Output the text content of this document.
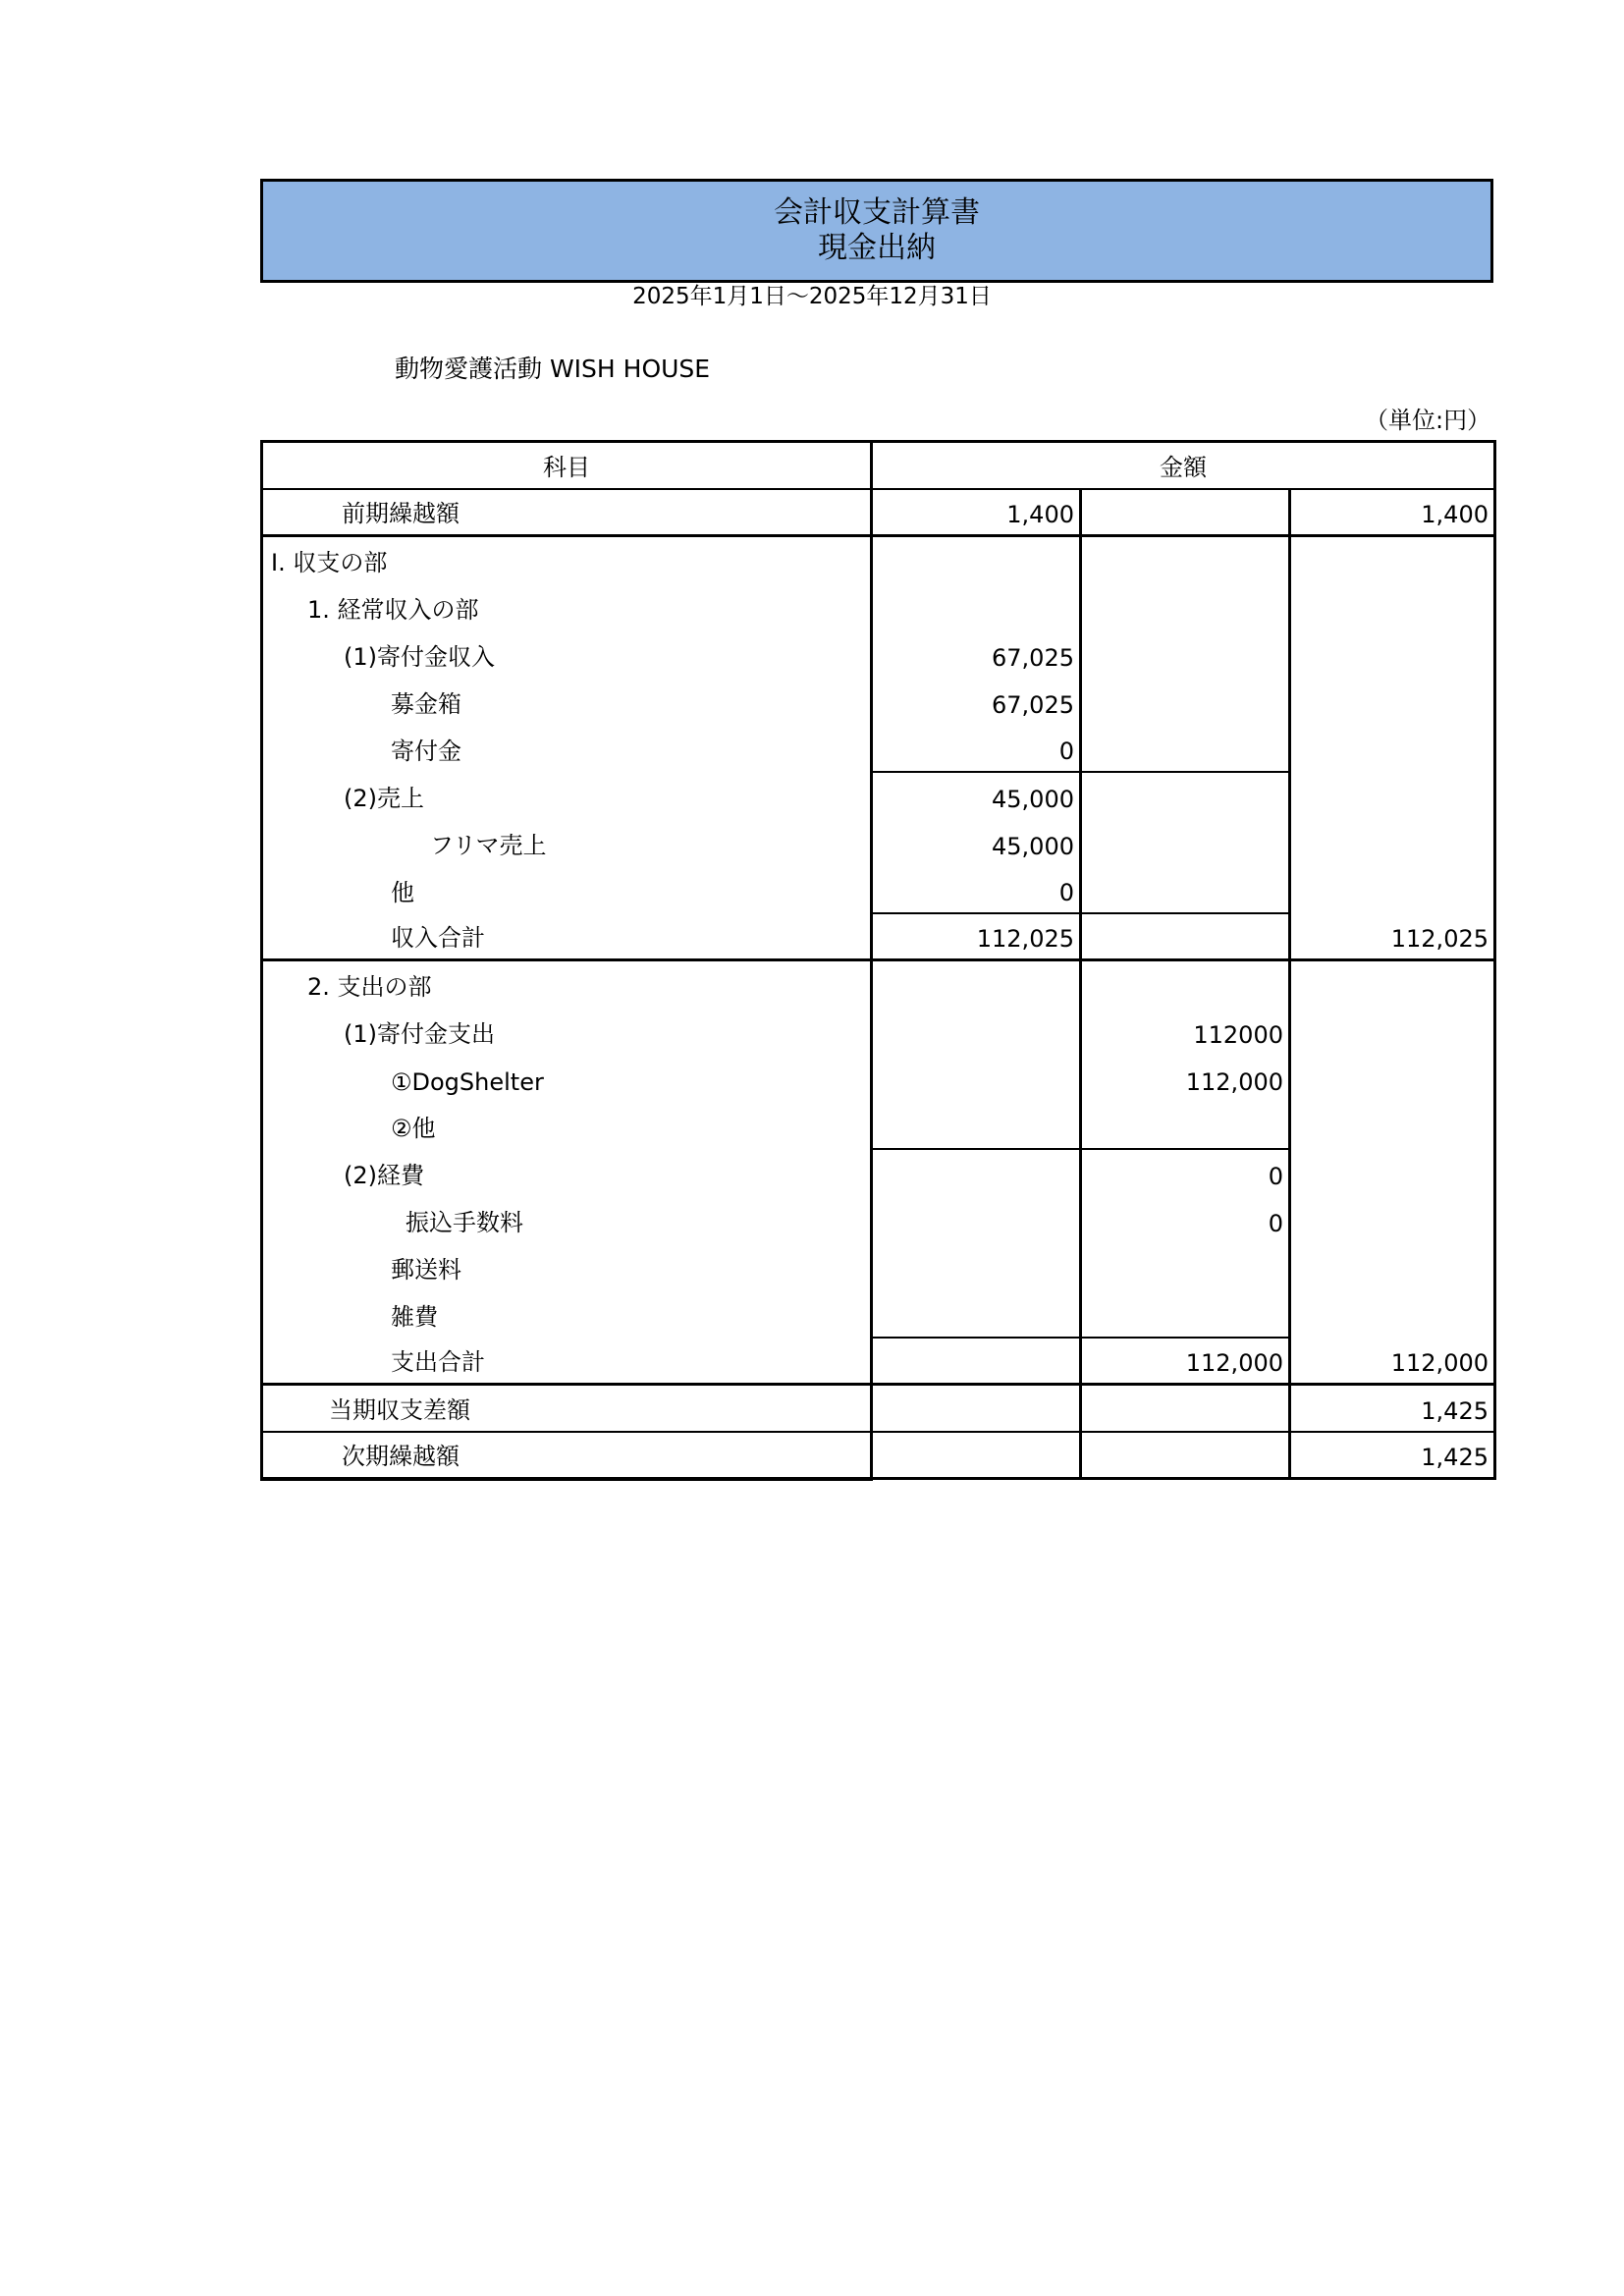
会計収支計算書
現金出納
2025年1月1日～2025年12月31日
動物愛護活動 WISH HOUSE
（単位:円）
科目	金額		
前期繰越額	1,400		1,400
Ⅰ. 収支の部			
1. 経常収入の部			
(1)寄付金収入	67,025		
募金箱	67,025		
寄付金	0		
(2)売上	45,000		
フリマ売上	45,000		
他	0		
収入合計	112,025		112,025
2. 支出の部			
(1)寄付金支出		112000	
①DogShelter		112,000	
②他			
(2)経費		0	
振込手数料		0	
郵送料			
雑費			
支出合計		112,000	112,000
当期収支差額			1,425
次期繰越額			1,425
